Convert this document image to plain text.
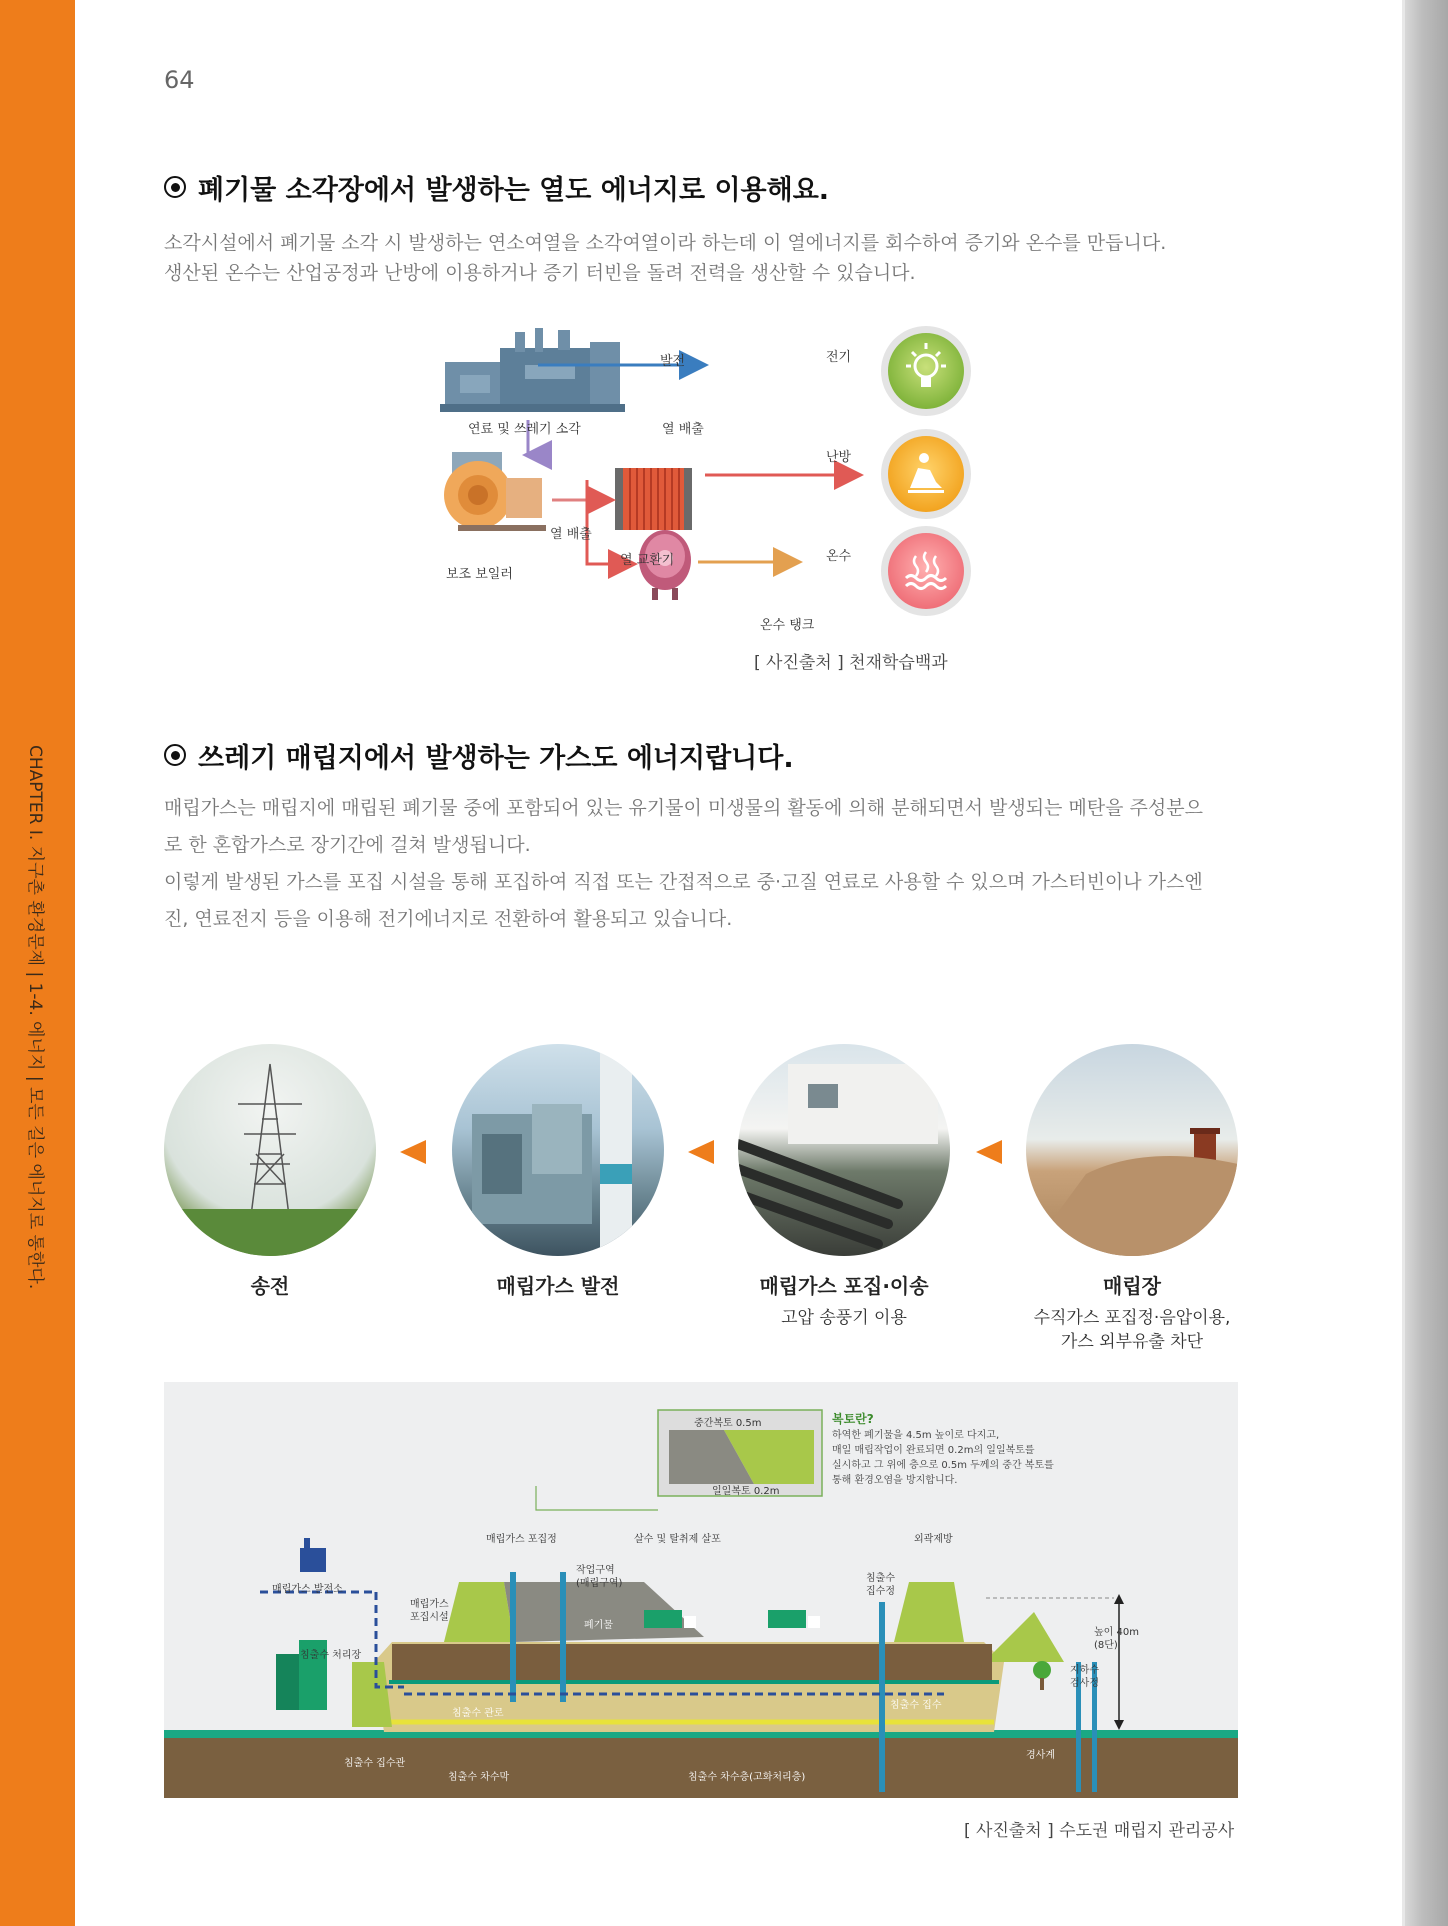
CHAPTER I. 지구촌 환경문제 | 1-4. 에너지 | 모든 길은 에너지로 통한다.
64
폐기물 소각장에서 발생하는 열도 에너지로 이용해요.
소각시설에서 폐기물 소각 시 발생하는 연소여열을 소각여열이라 하는데 이 열에너지를 회수하여 증기와 온수를 만듭니다.
생산된 온수는 산업공정과 난방에 이용하거나 증기 터빈을 돌려 전력을 생산할 수 있습니다.
연료 및 쓰레기 소각
보조 보일러
열 교환기
온수 탱크
발전
열 배출
열 배출
전기
난방
온수
[ 사진출처 ] 천재학습백과
쓰레기 매립지에서 발생하는 가스도 에너지랍니다.
매립가스는 매립지에 매립된 폐기물 중에 포함되어 있는 유기물이 미생물의 활동에 의해 분해되면서 발생되는 메탄을 주성분으
로 한 혼합가스로 장기간에 걸쳐 발생됩니다.
이렇게 발생된 가스를 포집 시설을 통해 포집하여 직접 또는 간접적으로 중·고질 연료로 사용할 수 있으며 가스터빈이나 가스엔
진, 연료전지 등을 이용해 전기에너지로 전환하여 활용되고 있습니다.
송전	매립가스 발전	매립가스 포집·이송
고압 송풍기 이용
매립장
수직가스 포집정·음압이용,
가스 외부유출 차단
중간복토 0.5m
일일복토 0.2m
복토란?
하역한 폐기물을 4.5m 높이로 다지고,
매일 매립작업이 완료되면 0.2m의 일일복토를
실시하고 그 위에 층으로 0.5m 두께의 중간 복토를
통해 환경오염을 방지합니다.
매립가스 발전소
매립가스 포집정
매립가스
포집시설
작업구역
(매립구역)
폐기물
살수 및 탈취제 살포	외곽제방
침출수
집수정
높이 40m
(8단)
침출수 처리장
지하수
검사정
침출수 관로
침출수 집수
침출수 집수관
경사계
침출수 차수막	침출수 차수층(고화처리층)
[ 사진출처 ] 수도권 매립지 관리공사
